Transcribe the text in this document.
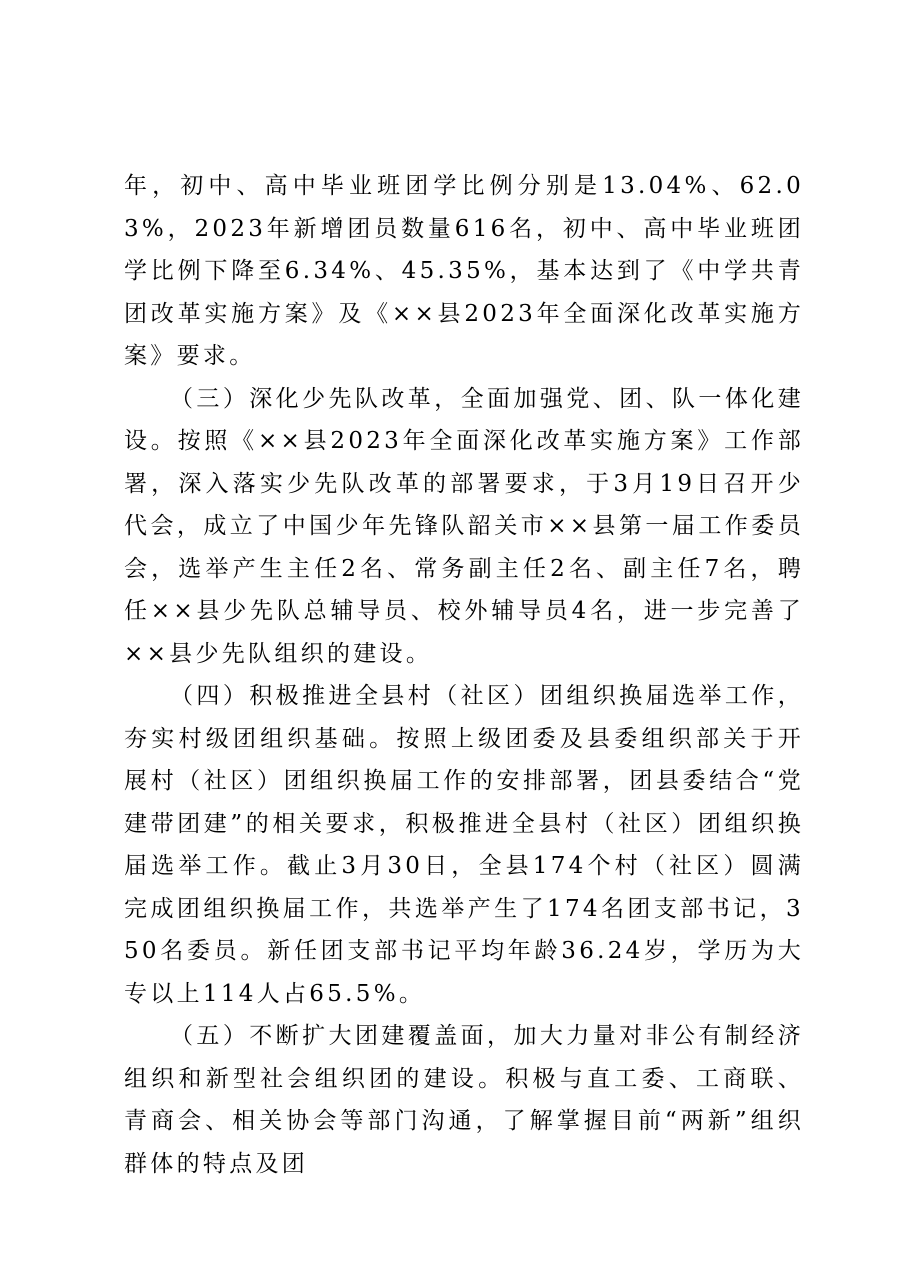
年，初中、高中毕业班团学比例分别是13.04%、62.03%，2023年新增团员数量616名，初中、高中毕业班团学比例下降至6.34%、45.35%，基本达到了《中学共青团改革实施方案》及《××县2023年全面深化改革实施方案》要求。

（三）深化少先队改革，全面加强党、团、队一体化建设。按照《××县2023年全面深化改革实施方案》工作部署，深入落实少先队改革的部署要求，于3月19日召开少代会，成立了中国少年先锋队韶关市××县第一届工作委员会，选举产生主任2名、常务副主任2名、副主任7名，聘任××县少先队总辅导员、校外辅导员4名，进一步完善了××县少先队组织的建设。

（四）积极推进全县村（社区）团组织换届选举工作，夯实村级团组织基础。按照上级团委及县委组织部关于开展村（社区）团组织换届工作的安排部署，团县委结合“党建带团建”的相关要求，积极推进全县村（社区）团组织换届选举工作。截止3月30日，全县174个村（社区）圆满完成团组织换届工作，共选举产生了174名团支部书记，350名委员。新任团支部书记平均年龄36.24岁，学历为大专以上114人占65.5%。

（五）不断扩大团建覆盖面，加大力量对非公有制经济组织和新型社会组织团的建设。积极与直工委、工商联、青商会、相关协会等部门沟通，了解掌握目前“两新”组织群体的特点及团
